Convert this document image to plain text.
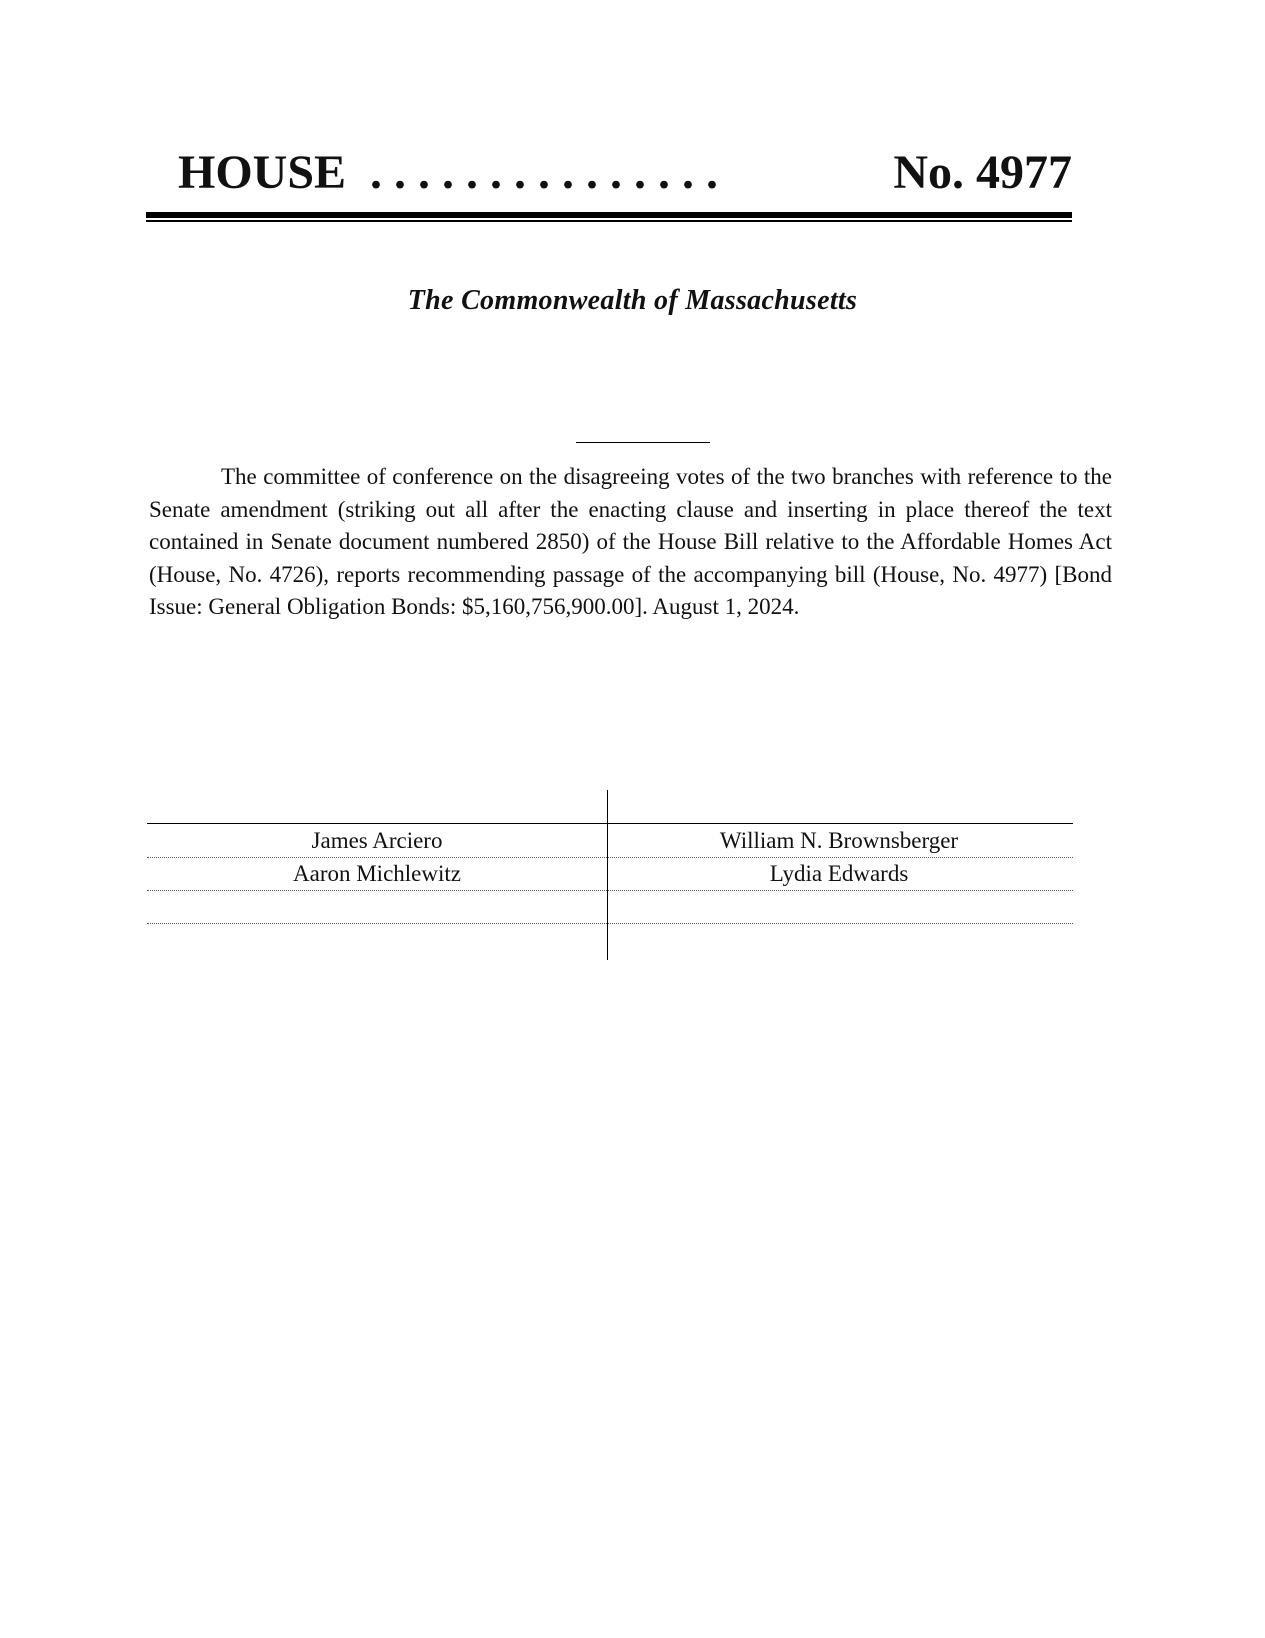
HOUSE . . . . . . . . . . . . . . .	No. 4977
The Commonwealth of Massachusetts
The committee of conference on the disagreeing votes of the two branches with reference to the Senate amendment (striking out all after the enacting clause and inserting in place thereof the text contained in Senate document numbered 2850) of the House Bill relative to the Affordable Homes Act (House, No. 4726), reports recommending passage of the accompanying bill (House, No. 4977) [Bond Issue: General Obligation Bonds: $5,160,756,900.00]. August 1, 2024.
James Arciero	William N. Brownsberger
Aaron Michlewitz	Lydia Edwards
